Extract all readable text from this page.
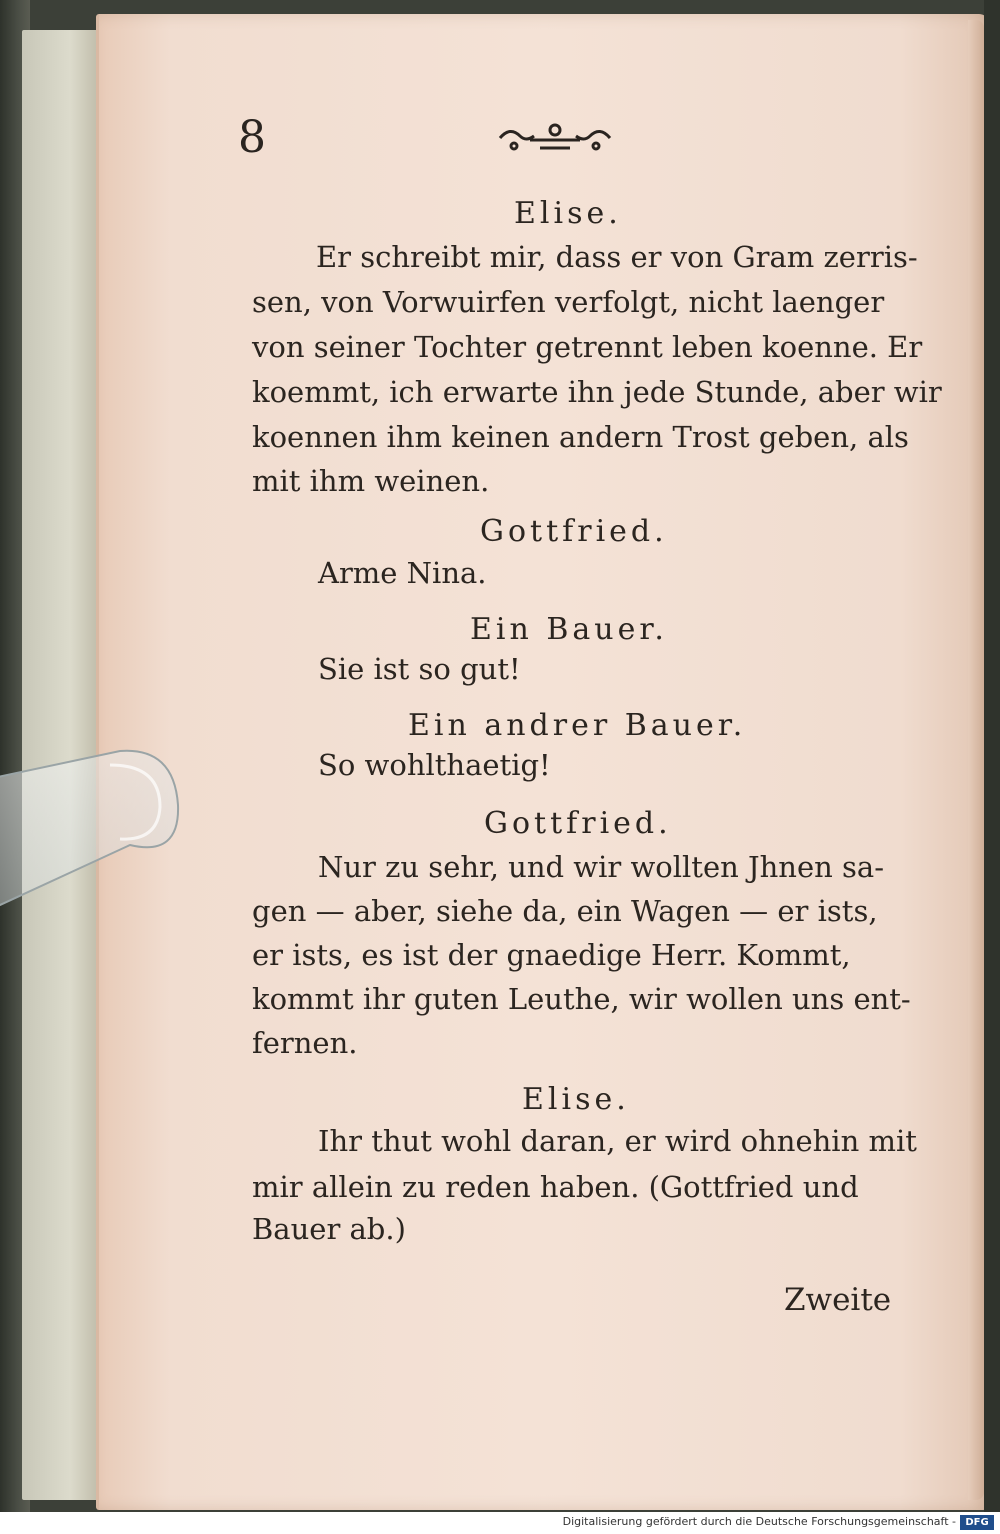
8
Elise.
Er schreibt mir, dass er von Gram zerris-
sen, von Vorwuirfen verfolgt, nicht laenger
von seiner Tochter getrennt leben koenne. Er
koemmt, ich erwarte ihn jede Stunde, aber wir
koennen ihm keinen andern Trost geben, als
mit ihm weinen.
Gottfried.
Arme Nina.
Ein Bauer.
Sie ist so gut!
Ein andrer Bauer.
So wohlthaetig!
Gottfried.
Nur zu sehr, und wir wollten Jhnen sa-
gen — aber, siehe da, ein Wagen — er ists,
er ists, es ist der gnaedige Herr. Kommt,
kommt ihr guten Leuthe, wir wollen uns ent-
fernen.
Elise.
Ihr thut wohl daran, er wird ohnehin mit
mir allein zu reden haben. (Gottfried und
Bauer ab.)
Zweite
Digitalisierung gefördert durch die Deutsche Forschungsgemeinschaft - DFG
